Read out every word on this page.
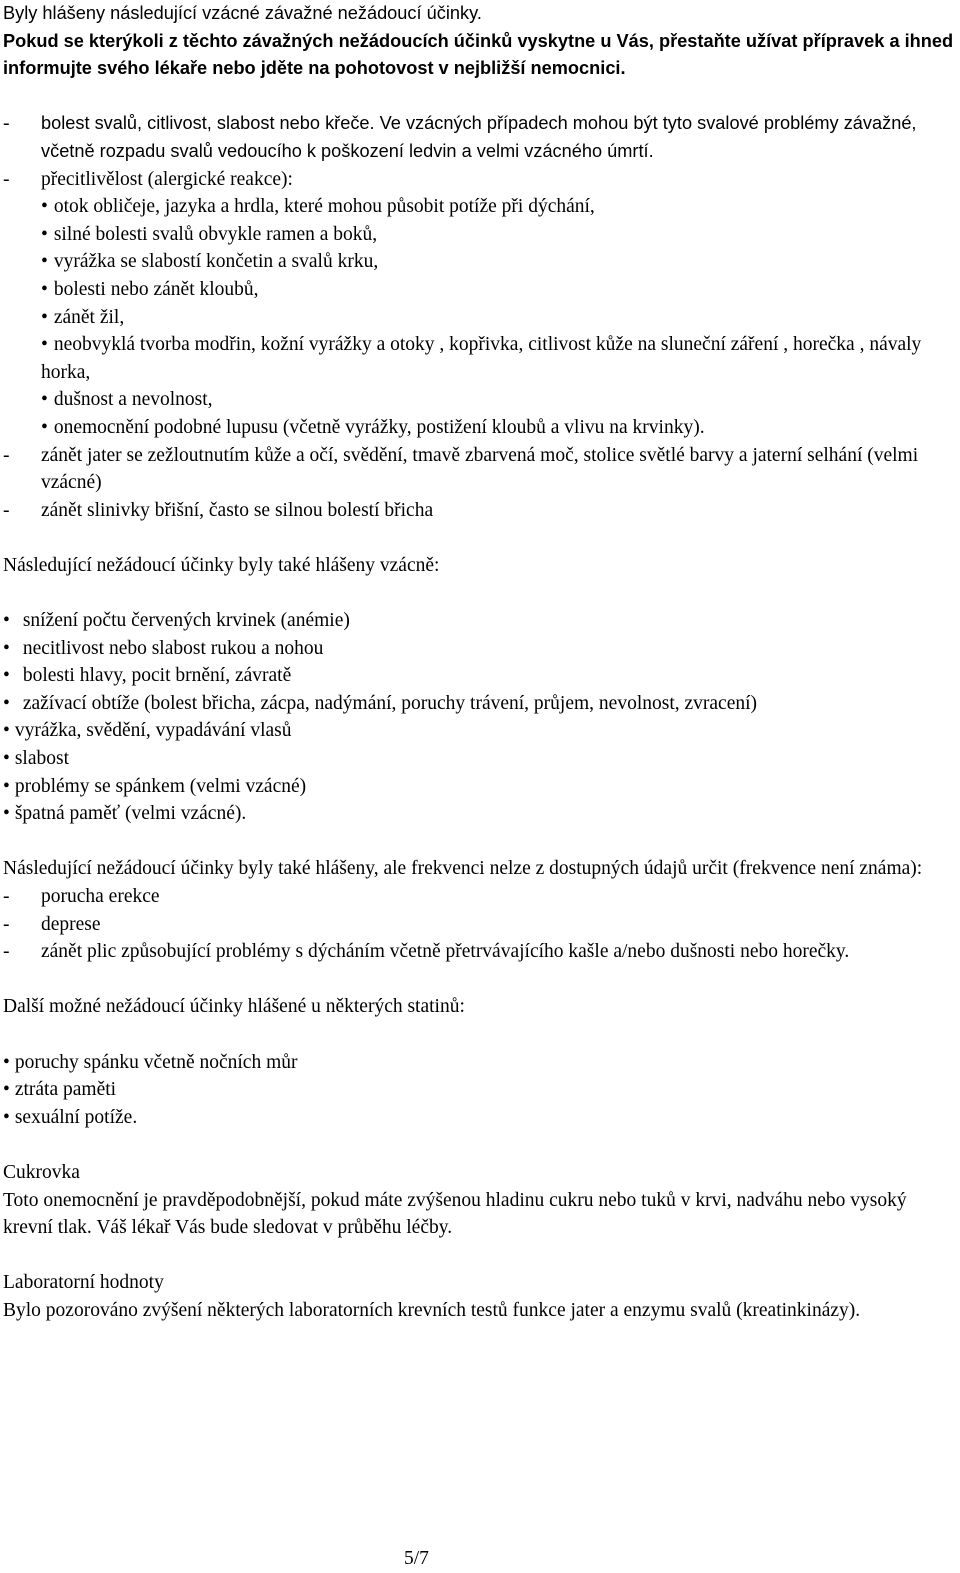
Byly hlášeny následující vzácné závažné nežádoucí účinky.
Pokud se kterýkoli z těchto závažných nežádoucích účinků vyskytne u Vás, přestaňte užívat přípravek a ihned informujte svého lékaře nebo jděte na pohotovost v nejbližší nemocnici.
-	bolest svalů, citlivost, slabost nebo křeče. Ve vzácných případech mohou být tyto svalové problémy závažné, včetně rozpadu svalů vedoucího k poškození ledvin a velmi vzácného úmrtí.
-	přecitlivělost (alergické reakce):
• otok obličeje, jazyka a hrdla, které mohou působit potíže při dýchání,
• silné bolesti svalů obvykle ramen a boků,
• vyrážka se slabostí končetin a svalů krku,
• bolesti nebo zánět kloubů,
• zánět žil,
• neobvyklá tvorba modřin, kožní vyrážky a otoky , kopřivka, citlivost kůže na sluneční záření , horečka , návaly horka,
• dušnost a nevolnost,
• onemocnění podobné lupusu (včetně vyrážky, postižení kloubů a vlivu na krvinky).
-	zánět jater se zežloutnutím kůže a očí, svědění, tmavě zbarvená moč, stolice světlé barvy a jaterní selhání (velmi vzácné)
-	zánět slinivky břišní, často se silnou bolestí břicha

Následující nežádoucí účinky byly také hlášeny vzácně:

• snížení počtu červených krvinek (anémie)
• necitlivost nebo slabost rukou a nohou
• bolesti hlavy, pocit brnění, závratě
• zažívací obtíže (bolest břicha, zácpa, nadýmání, poruchy trávení, průjem, nevolnost, zvracení)
• vyrážka, svědění, vypadávání vlasů
• slabost
• problémy se spánkem (velmi vzácné)
• špatná paměť (velmi vzácné).

Následující nežádoucí účinky byly také hlášeny, ale frekvenci nelze z dostupných údajů určit (frekvence není známa):

-	porucha erekce
-	deprese
-	zánět plic způsobující problémy s dýcháním včetně přetrvávajícího kašle a/nebo dušnosti nebo horečky.

Další možné nežádoucí účinky hlášené u některých statinů:

• poruchy spánku včetně nočních můr
• ztráta paměti
• sexuální potíže.

Cukrovka

Toto onemocnění je pravděpodobnější, pokud máte zvýšenou hladinu cukru nebo tuků v krvi, nadváhu nebo vysoký krevní tlak. Váš lékař Vás bude sledovat v průběhu léčby.

Laboratorní hodnoty

Bylo pozorováno zvýšení některých laboratorních krevních testů funkce jater a enzymu svalů (kreatinkinázy).

5/7
